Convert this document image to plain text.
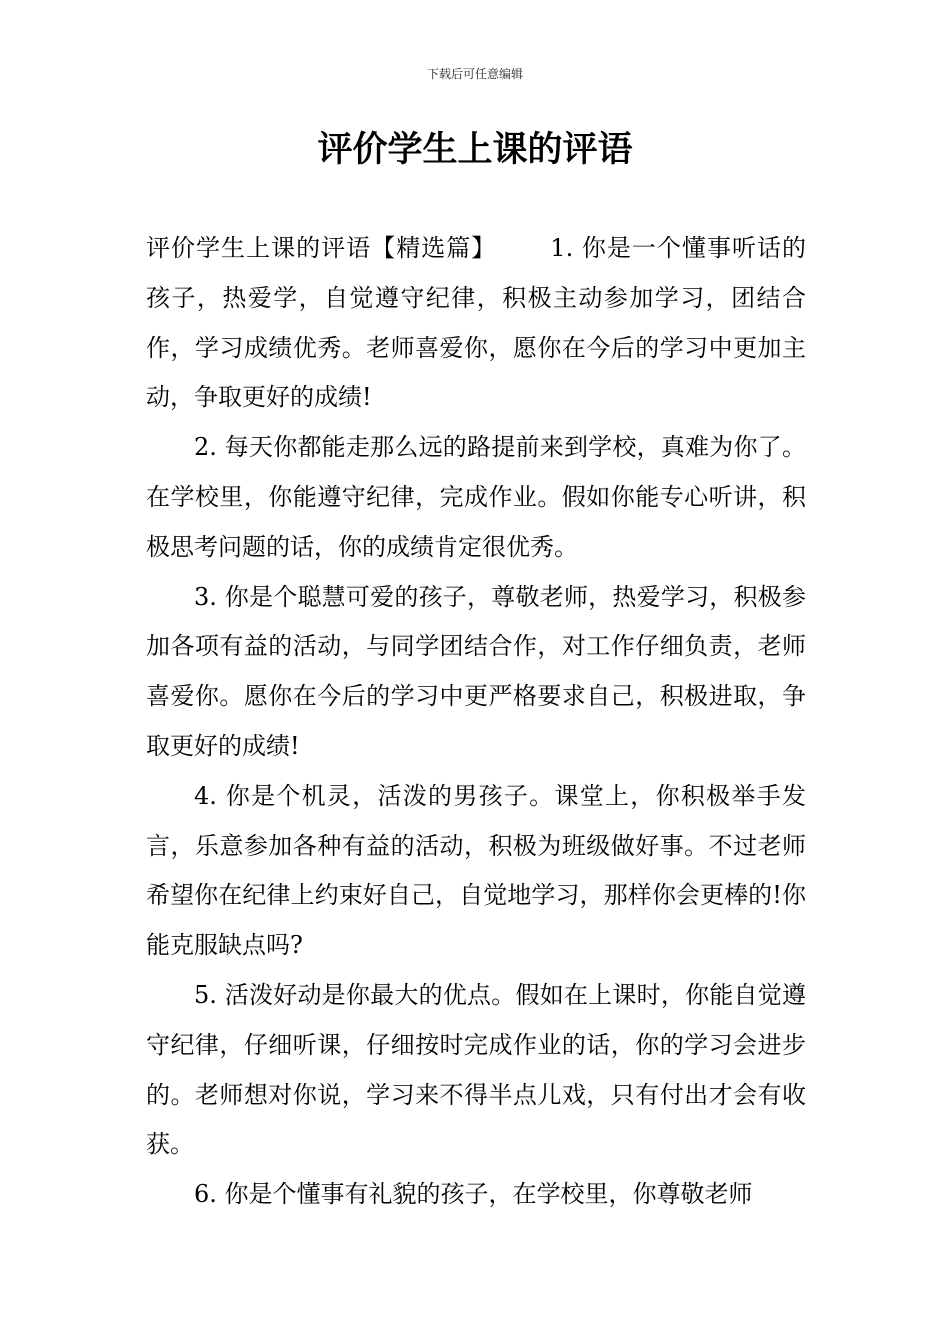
下载后可任意编辑
评价学生上课的评语

评价学生上课的评语【精选篇】 1. 你是一个懂事听话的孩子，热爱学，自觉遵守纪律，积极主动参加学习，团结合作，学习成绩优秀。老师喜爱你，愿你在今后的学习中更加主动，争取更好的成绩!

2. 每天你都能走那么远的路提前来到学校，真难为你了。在学校里，你能遵守纪律，完成作业。假如你能专心听讲，积极思考问题的话，你的成绩肯定很优秀。

3. 你是个聪慧可爱的孩子，尊敬老师，热爱学习，积极参加各项有益的活动，与同学团结合作，对工作仔细负责，老师喜爱你。愿你在今后的学习中更严格要求自己，积极进取，争取更好的成绩!

4. 你是个机灵，活泼的男孩子。课堂上，你积极举手发言，乐意参加各种有益的活动，积极为班级做好事。不过老师希望你在纪律上约束好自己，自觉地学习，那样你会更棒的!你能克服缺点吗?

5. 活泼好动是你最大的优点。假如在上课时，你能自觉遵守纪律，仔细听课，仔细按时完成作业的话，你的学习会进步的。老师想对你说，学习来不得半点儿戏，只有付出才会有收获。

6. 你是个懂事有礼貌的孩子，在学校里，你尊敬老师
